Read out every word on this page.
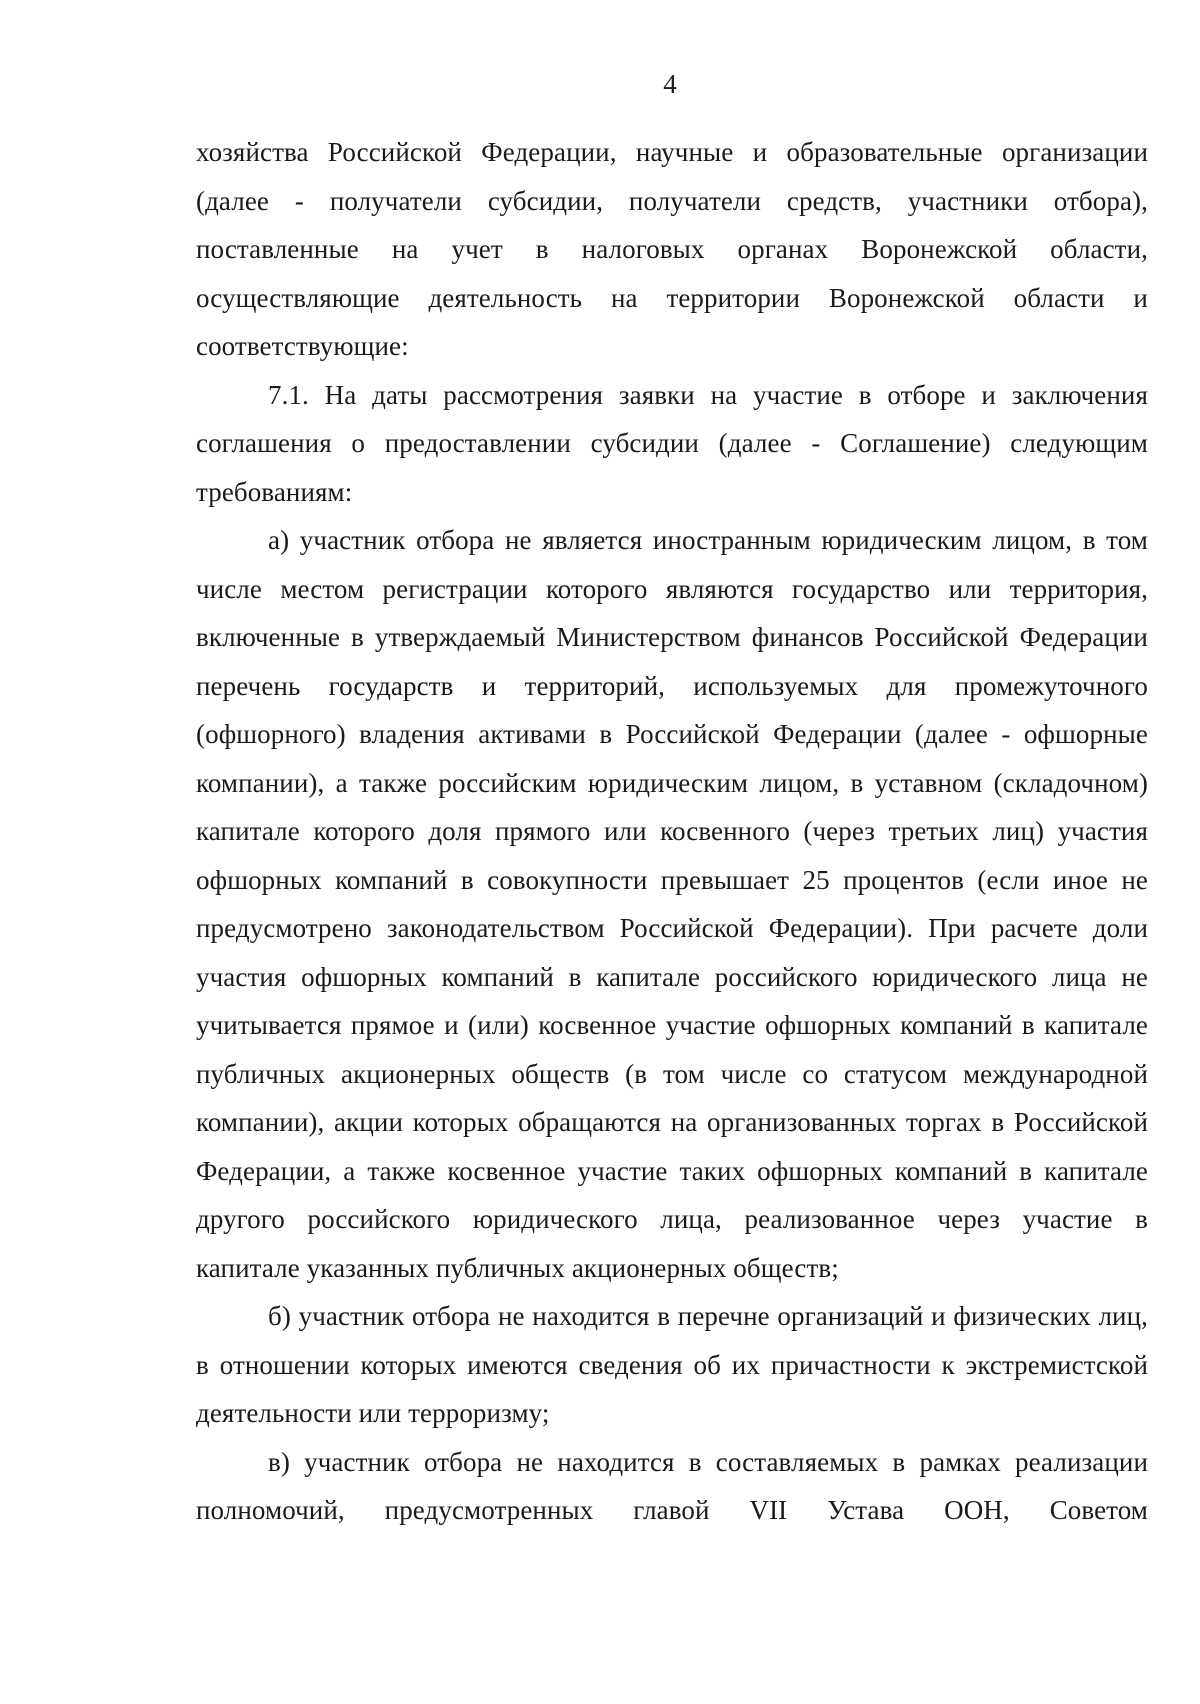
4

хозяйства Российской Федерации, научные и образовательные организации (далее - получатели субсидии, получатели средств, участники отбора), поставленные на учет в налоговых органах Воронежской области, осуществляющие деятельность на территории Воронежской области и соответствующие:

7.1. На даты рассмотрения заявки на участие в отборе и заключения соглашения о предоставлении субсидии (далее - Соглашение) следующим требованиям:

а) участник отбора не является иностранным юридическим лицом, в том числе местом регистрации которого являются государство или территория, включенные в утверждаемый Министерством финансов Российской Федерации перечень государств и территорий, используемых для промежуточного (офшорного) владения активами в Российской Федерации (далее - офшорные компании), а также российским юридическим лицом, в уставном (складочном) капитале которого доля прямого или косвенного (через третьих лиц) участия офшорных компаний в совокупности превышает 25 процентов (если иное не предусмотрено законодательством Российской Федерации). При расчете доли участия офшорных компаний в капитале российского юридического лица не учитывается прямое и (или) косвенное участие офшорных компаний в капитале публичных акционерных обществ (в том числе со статусом международной компании), акции которых обращаются на организованных торгах в Российской Федерации, а также косвенное участие таких офшорных компаний в капитале другого российского юридического лица, реализованное через участие в капитале указанных публичных акционерных обществ;

б) участник отбора не находится в перечне организаций и физических лиц, в отношении которых имеются сведения об их причастности к экстремистской деятельности или терроризму;

в) участник отбора не находится в составляемых в рамках реализации полномочий, предусмотренных главой VII Устава ООН, Советом
